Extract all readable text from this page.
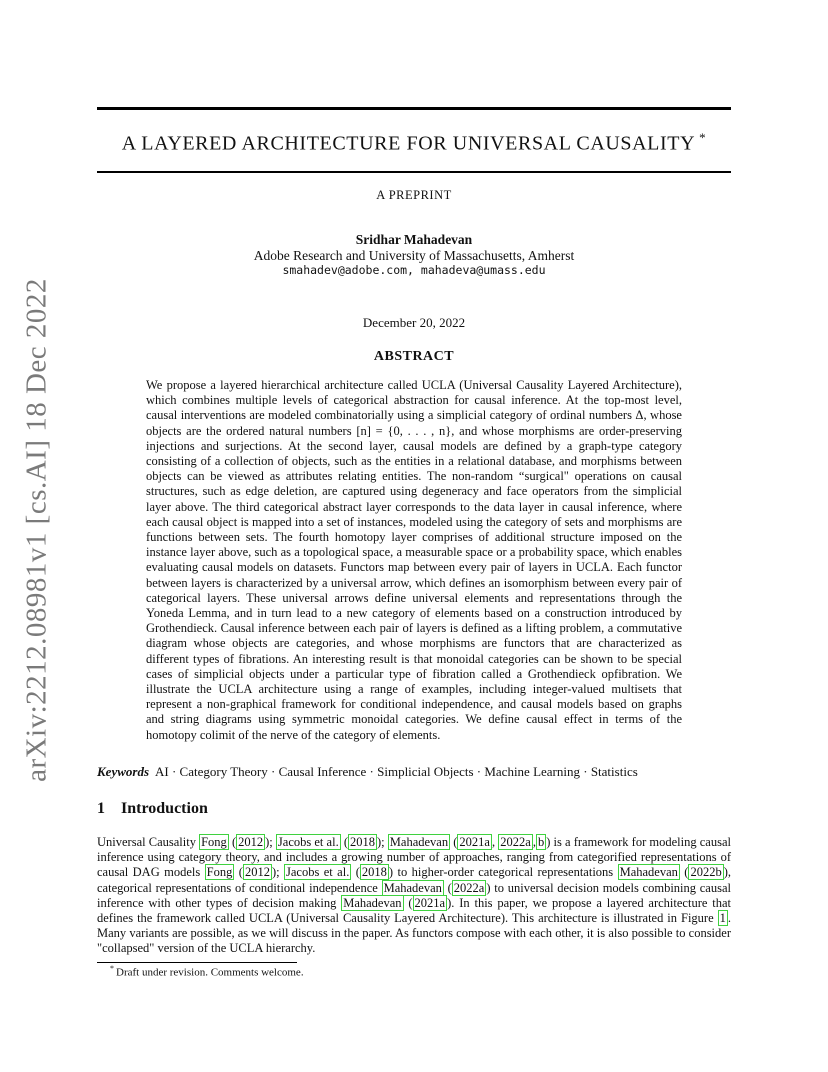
arXiv:2212.08981v1 [cs.AI] 18 Dec 2022
A LAYERED ARCHITECTURE FOR UNIVERSAL CAUSALITY *
A PREPRINT
Sridhar Mahadevan
Adobe Research and University of Massachusetts, Amherst
smahadev@adobe.com, mahadeva@umass.edu
December 20, 2022
ABSTRACT
We propose a layered hierarchical architecture called UCLA (Universal Causality Layered Architecture), which combines multiple levels of categorical abstraction for causal inference. At the top-most level, causal interventions are modeled combinatorially using a simplicial category of ordinal numbers Δ, whose objects are the ordered natural numbers [n] = {0, . . . , n}, and whose morphisms are order-preserving injections and surjections. At the second layer, causal models are defined by a graph-type category consisting of a collection of objects, such as the entities in a relational database, and morphisms between objects can be viewed as attributes relating entities. The non-random “surgical" operations on causal structures, such as edge deletion, are captured using degeneracy and face operators from the simplicial layer above. The third categorical abstract layer corresponds to the data layer in causal inference, where each causal object is mapped into a set of instances, modeled using the category of sets and morphisms are functions between sets. The fourth homotopy layer comprises of additional structure imposed on the instance layer above, such as a topological space, a measurable space or a probability space, which enables evaluating causal models on datasets. Functors map between every pair of layers in UCLA. Each functor between layers is characterized by a universal arrow, which defines an isomorphism between every pair of categorical layers. These universal arrows define universal elements and representations through the Yoneda Lemma, and in turn lead to a new category of elements based on a construction introduced by Grothendieck. Causal inference between each pair of layers is defined as a lifting problem, a commutative diagram whose objects are categories, and whose morphisms are functors that are characterized as different types of fibrations. An interesting result is that monoidal categories can be shown to be special cases of simplicial objects under a particular type of fibration called a Grothendieck opfibration. We illustrate the UCLA architecture using a range of examples, including integer-valued multisets that represent a non-graphical framework for conditional independence, and causal models based on graphs and string diagrams using symmetric monoidal categories. We define causal effect in terms of the homotopy colimit of the nerve of the category of elements.
Keywords AI · Category Theory · Causal Inference · Simplicial Objects · Machine Learning · Statistics
1 Introduction
Universal Causality Fong ( 2012 ); Jacobs et al. ( 2018 ); Mahadevan ( 2021a , 2022a , b ) is a framework for modeling causal inference using category theory, and includes a growing number of approaches, ranging from categorified representations of causal DAG models Fong ( 2012 ); Jacobs et al. ( 2018 ) to higher-order categorical representations Mahadevan ( 2022b ), categorical representations of conditional independence Mahadevan ( 2022a ) to universal decision models combining causal inference with other types of decision making Mahadevan ( 2021a ). In this paper, we propose a layered architecture that defines the framework called UCLA (Universal Causality Layered Architecture). This architecture is illustrated in Figure 1 . Many variants are possible, as we will discuss in the paper. As functors compose with each other, it is also possible to consider "collapsed" version of the UCLA hierarchy.
* Draft under revision. Comments welcome.
